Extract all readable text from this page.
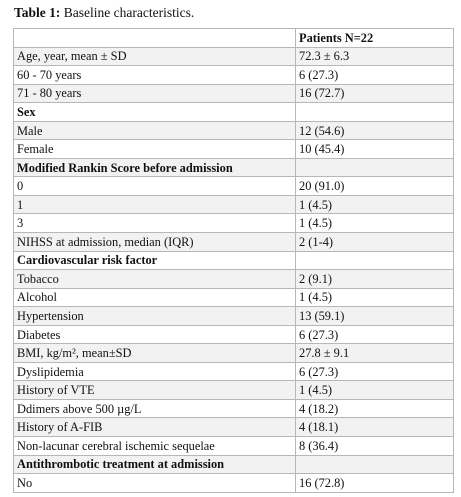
Table 1: Baseline characteristics.
	Patients N=22
Age, year, mean ± SD	72.3 ± 6.3
60 - 70 years	6 (27.3)
71 - 80 years	16 (72.7)
Sex	
Male	12 (54.6)
Female	10 (45.4)
Modified Rankin Score before admission	
0	20 (91.0)
1	1 (4.5)
3	1 (4.5)
NIHSS at admission, median (IQR)	2 (1-4)
Cardiovascular risk factor	
Tobacco	2 (9.1)
Alcohol	1 (4.5)
Hypertension	13 (59.1)
Diabetes	6 (27.3)
BMI, kg/m², mean±SD	27.8 ± 9.1
Dyslipidemia	6 (27.3)
History of VTE	1 (4.5)
Ddimers above 500 µg/L	4 (18.2)
History of A-FIB	4 (18.1)
Non-lacunar cerebral ischemic sequelae	8 (36.4)
Antithrombotic treatment at admission	
No	16 (72.8)
